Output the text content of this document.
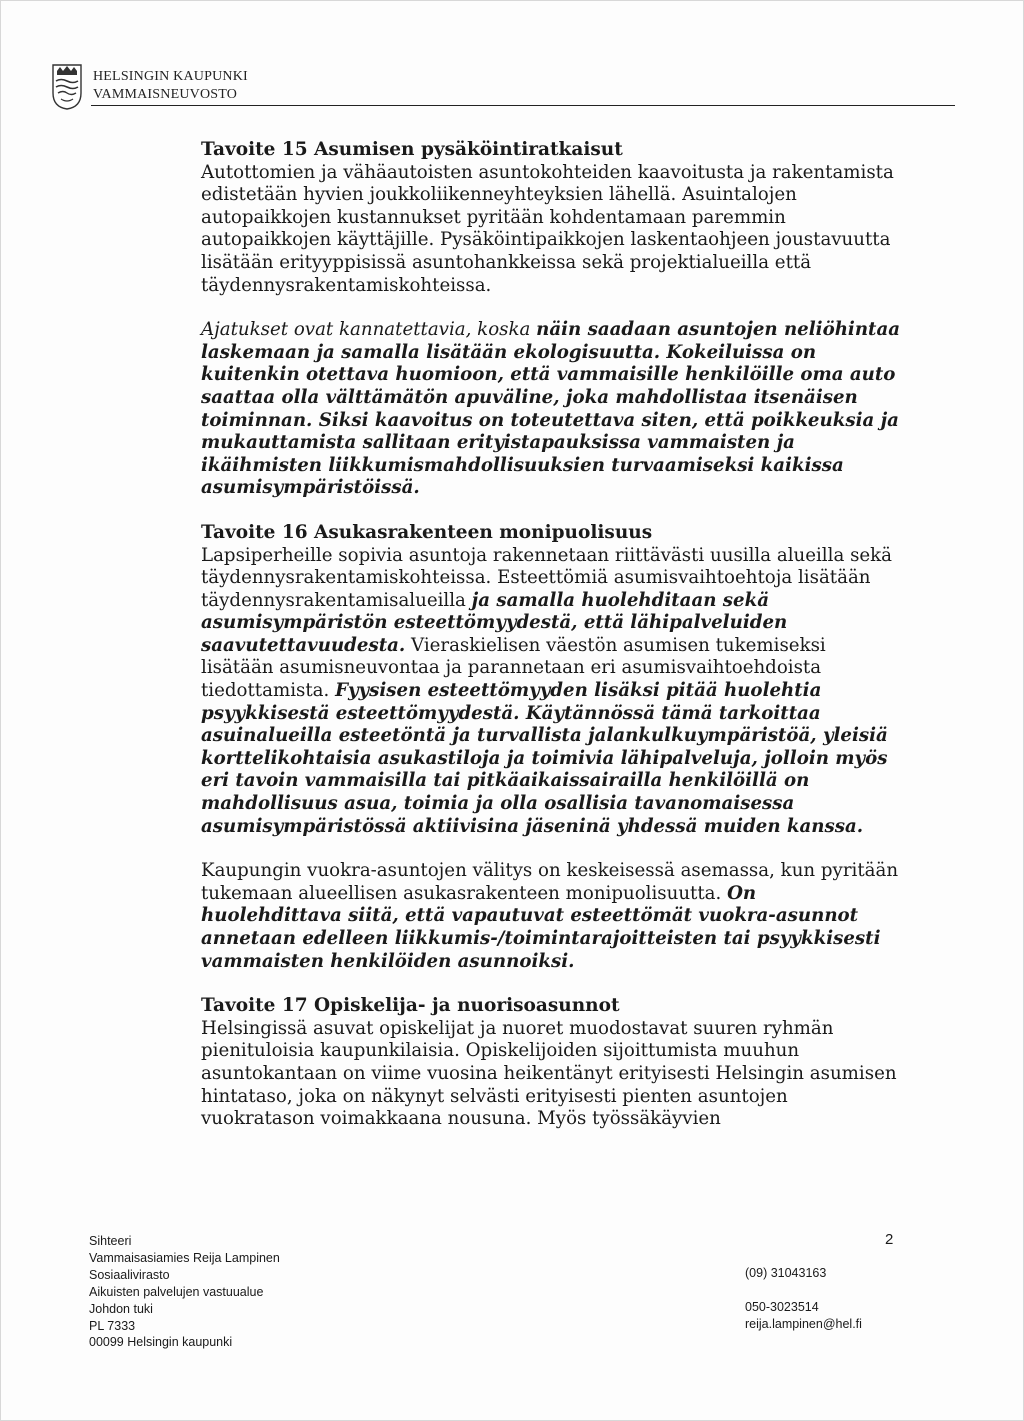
HELSINGIN KAUPUNKI
VAMMAISNEUVOSTO
Tavoite 15 Asumisen pysäköintiratkaisut

Autottomien ja vähäautoisten asuntokohteiden kaavoitusta ja rakentamista edistetään hyvien joukkoliikenneyhteyksien lähellä. Asuintalojen autopaikkojen kustannukset pyritään kohdentamaan paremmin autopaikkojen käyttäjille. Pysäköintipaikkojen laskentaohjeen joustavuutta lisätään erityyppisissä asuntohankkeissa sekä projektialueilla että täydennysrakentamiskohteissa.

Ajatukset ovat kannatettavia, koska näin saadaan asuntojen neliöhintaa laskemaan ja samalla lisätään ekologisuutta. Kokeiluissa on kuitenkin otettava huomioon, että vammaisille henkilöille oma auto saattaa olla välttämätön apuväline, joka mahdollistaa itsenäisen toiminnan. Siksi kaavoitus on toteutettava siten, että poikkeuksia ja mukauttamista sallitaan erityistapauksissa vammaisten ja ikäihmisten liikkumismahdollisuuksien turvaamiseksi kaikissa asumisympäristöissä.

Tavoite 16 Asukasrakenteen monipuolisuus

Lapsiperheille sopivia asuntoja rakennetaan riittävästi uusilla alueilla sekä täydennysrakentamiskohteissa. Esteettömiä asumisvaihtoehtoja lisätään täydennysrakentamisalueilla ja samalla huolehditaan sekä asumisympäristön esteettömyydestä, että lähipalveluiden saavutettavuudesta. Vieraskielisen väestön asumisen tukemiseksi lisätään asumisneuvontaa ja parannetaan eri asumisvaihtoehdoista tiedottamista. Fyysisen esteettömyyden lisäksi pitää huolehtia psyykkisestä esteettömyydestä. Käytännössä tämä tarkoittaa asuinalueilla esteetöntä ja turvallista jalankulkuympäristöä, yleisiä korttelikohtaisia asukastiloja ja toimivia lähipalveluja, jolloin myös eri tavoin vammaisilla tai pitkäaikaissairailla henkilöillä on mahdollisuus asua, toimia ja olla osallisia tavanomaisessa asumisympäristössä aktiivisina jäseninä yhdessä muiden kanssa.

Kaupungin vuokra-asuntojen välitys on keskeisessä asemassa, kun pyritään tukemaan alueellisen asukasrakenteen monipuolisuutta. On huolehdittava siitä, että vapautuvat esteettömät vuokra-asunnot annetaan edelleen liikkumis-/toimintarajoitteisten tai psyykkisesti vammaisten henkilöiden asunnoiksi.

Tavoite 17 Opiskelija- ja nuorisoasunnot

Helsingissä asuvat opiskelijat ja nuoret muodostavat suuren ryhmän pienituloisia kaupunkilaisia. Opiskelijoiden sijoittumista muuhun asuntokantaan on viime vuosina heikentänyt erityisesti Helsingin asumisen hintataso, joka on näkynyt selvästi erityisesti pienten asuntojen vuokratason voimakkaana nousuna. Myös työssäkäyvien

Sihteeri
Vammaisasiamies Reija Lampinen
Sosiaalivirasto
Aikuisten palvelujen vastuualue
Johdon tuki
PL 7333
00099 Helsingin kaupunki
(09) 31043163
050-3023514
reija.lampinen@hel.fi
2
